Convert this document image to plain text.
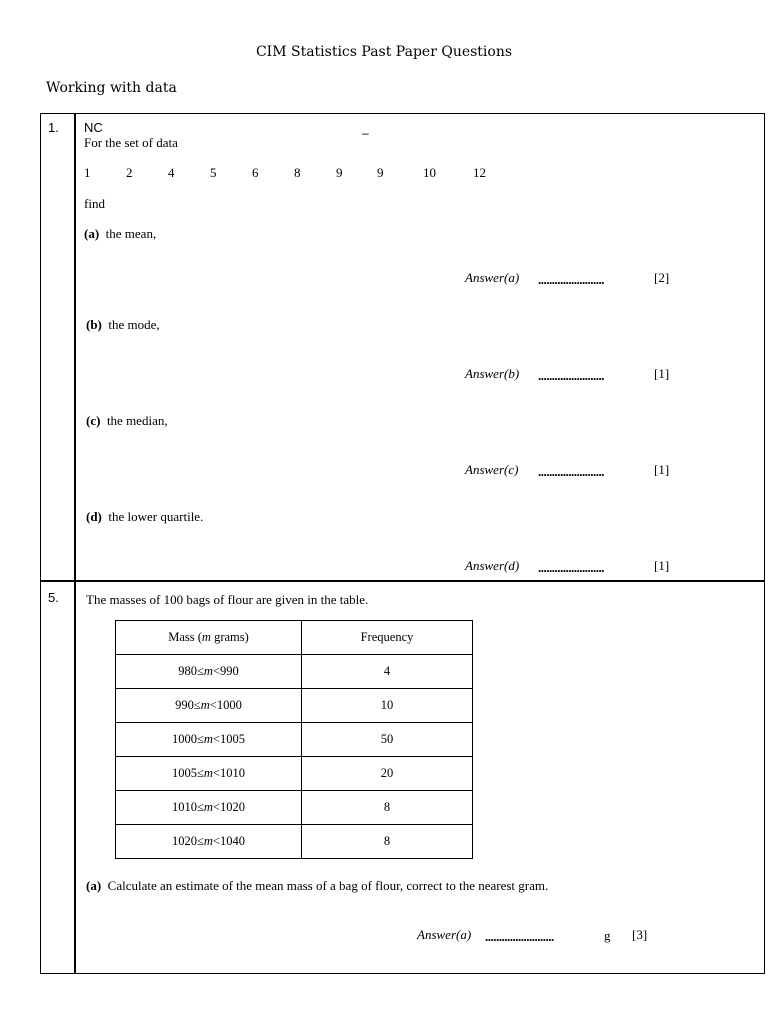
CIM Statistics Past Paper Questions
Working with data
1. NC	–
For the set of data
1	2	4	5	6	8	9	9	10	12
find
(a) the mean,
Answer(a) ........................	[2]
(b) the mode,
Answer(b) ........................	[1]
(c) the median,
Answer(c) ........................	[1]
(d) the lower quartile.
Answer(d) ........................	[1]
5. The masses of 100 bags of flour are given in the table.
Mass (m grams)	Frequency
980≤m<990	4
990≤m<1000	10
1000≤m<1005	50
1005≤m<1010	20
1010≤m<1020	8
1020≤m<1040	8
(a) Calculate an estimate of the mean mass of a bag of flour, correct to the nearest gram.
Answer(a) .........................	g [3]
